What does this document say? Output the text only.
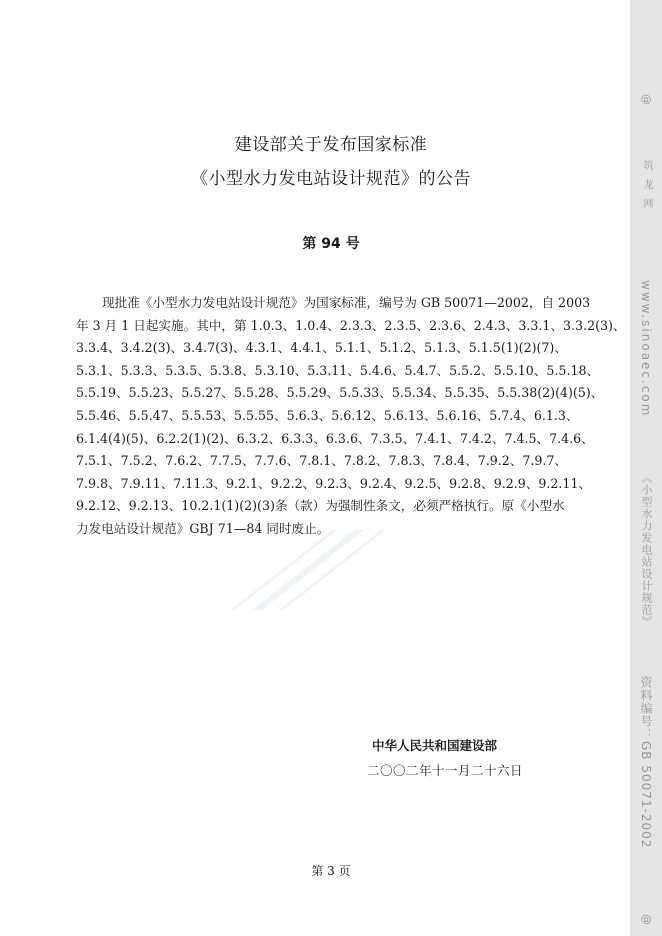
建设部关于发布国家标准
《小型水力发电站设计规范》的公告
第 94 号
现批准《小型水力发电站设计规范》为国家标准，编号为 GB 50071—2002，自 2003
年 3 月 1 日起实施。其中，第 1.0.3、1.0.4、2.3.3、2.3.5、2.3.6、2.4.3、3.3.1、3.3.2(3)、
3.3.4、3.4.2(3)、3.4.7(3)、4.3.1、4.4.1、5.1.1、5.1.2、5.1.3、5.1.5(1)(2)(7)、
5.3.1、5.3.3、5.3.5、5.3.8、5.3.10、5.3.11、5.4.6、5.4.7、5.5.2、5.5.10、5.5.18、
5.5.19、5.5.23、5.5.27、5.5.28、5.5.29、5.5.33、5.5.34、5.5.35、5.5.38(2)(4)(5)、
5.5.46、5.5.47、5.5.53、5.5.55、5.6.3、5.6.12、5.6.13、5.6.16、5.7.4、6.1.3、
6.1.4(4)(5)、6.2.2(1)(2)、6.3.2、6.3.3、6.3.6、7.3.5、7.4.1、7.4.2、7.4.5、7.4.6、
7.5.1、7.5.2、7.6.2、7.7.5、7.7.6、7.8.1、7.8.2、7.8.3、7.8.4、7.9.2、7.9.7、
7.9.8、7.9.11、7.11.3、9.2.1、9.2.2、9.2.3、9.2.4、9.2.5、9.2.8、9.2.9、9.2.11、
9.2.12、9.2.13、10.2.1(1)(2)(3)条（款）为强制性条文，必须严格执行。原《小型水
力发电站设计规范》GBJ 71—84 同时废止。
中华人民共和国建设部
二〇〇二年十一月二十六日
第 3 页
@
筑龙网
www.sinoaec.com
《小型水力发电站设计规范》
资料编号：GB 50071-2002
@
